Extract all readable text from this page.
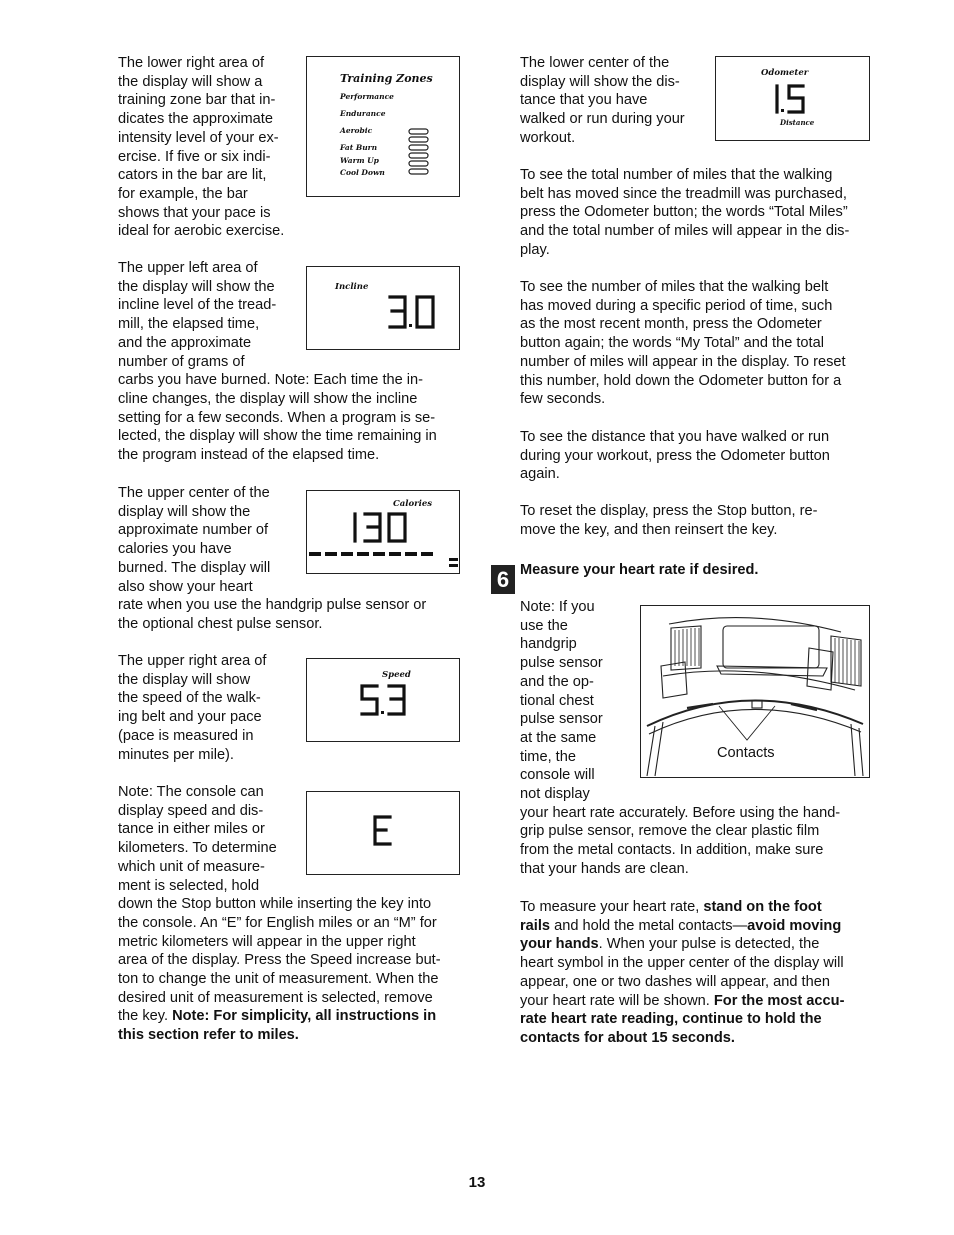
The lower right area of
the display will show a
training zone bar that in-
dicates the approximate
intensity level of your ex-
ercise. If five or six indi-
cators in the bar are lit,
for example, the bar
shows that your pace is
ideal for aerobic exercise.
The upper left area of
the display will show the
incline level of the tread-
mill, the elapsed time,
and the approximate
number of grams of
carbs you have burned. Note: Each time the in-
cline changes, the display will show the incline
setting for a few seconds. When a program is se-
lected, the display will show the time remaining in
the program instead of the elapsed time.
The upper center of the
display will show the
approximate number of
calories you have
burned. The display will
also show your heart
rate when you use the handgrip pulse sensor or
the optional chest pulse sensor.
The upper right area of
the display will show
the speed of the walk-
ing belt and your pace
(pace is measured in
minutes per mile).
Note: The console can
display speed and dis-
tance in either miles or
kilometers. To determine
which unit of measure-
ment is selected, hold
down the Stop button while inserting the key into
the console. An “E” for English miles or an “M” for
metric kilometers will appear in the upper right
area of the display. Press the Speed increase but-
ton to change the unit of measurement. When the
desired unit of measurement is selected, remove
the key. Note: For simplicity, all instructions in
this section refer to miles.
Training Zones
Performance
Endurance
Aerobic
Fat Burn
Warm Up
Cool Down
Incline
Calories
Speed
The lower center of the
display will show the dis-
tance that you have
walked or run during your
workout.
Odometer
Distance
To see the total number of miles that the walking
belt has moved since the treadmill was purchased,
press the Odometer button; the words “Total Miles”
and the total number of miles will appear in the dis-
play.
To see the number of miles that the walking belt
has moved during a specific period of time, such
as the most recent month, press the Odometer
button again; the words “My Total” and the total
number of miles will appear in the display. To reset
this number, hold down the Odometer button for a
few seconds.
To see the distance that you have walked or run
during your workout, press the Odometer button
again.
To reset the display, press the Stop button, re-
move the key, and then reinsert the key.
6 Measure your heart rate if desired.
Note: If you
use the
handgrip
pulse sensor
and the op-
tional chest
pulse sensor
at the same
time, the
console will
not display
your heart rate accurately. Before using the hand-
grip pulse sensor, remove the clear plastic film
from the metal contacts. In addition, make sure
that your hands are clean.
Contacts
To measure your heart rate, stand on the foot
rails and hold the metal contacts—avoid moving
your hands. When your pulse is detected, the
heart symbol in the upper center of the display will
appear, one or two dashes will appear, and then
your heart rate will be shown. For the most accu-
rate heart rate reading, continue to hold the
contacts for about 15 seconds.
13
